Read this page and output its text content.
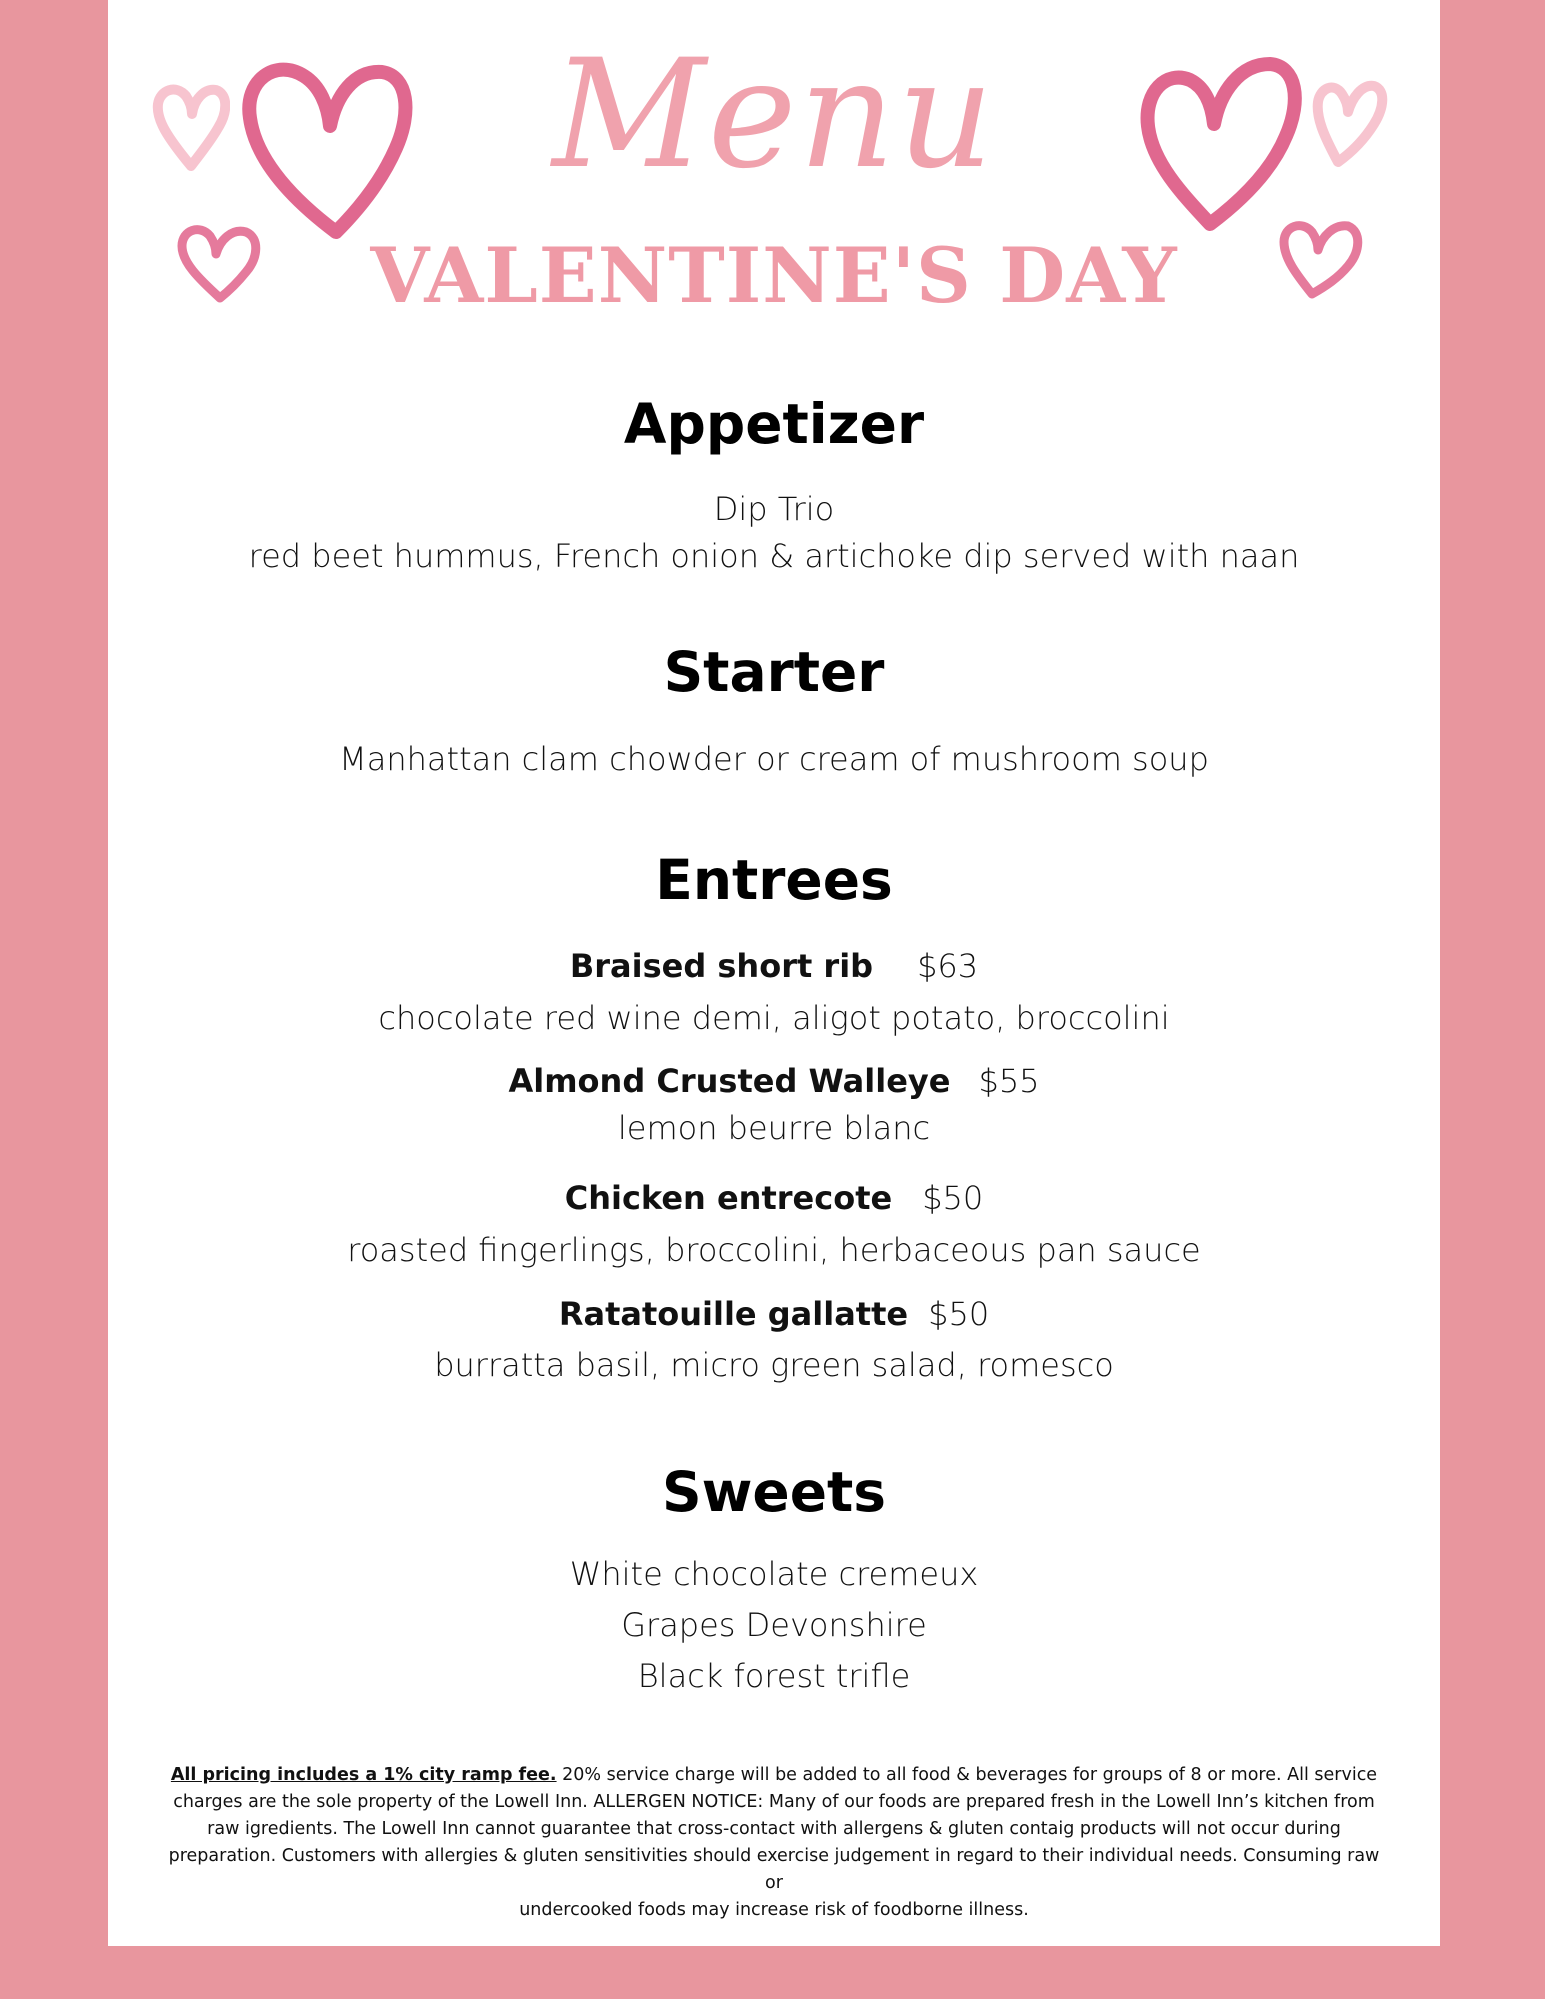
Menu
VALENTINE'S DAY
Appetizer
Dip Trio
red beet hummus, French onion & artichoke dip served with naan
Starter
Manhattan clam chowder or cream of mushroom soup
Entrees
Braised short rib $63
chocolate red wine demi, aligot potato, broccolini
Almond Crusted Walleye $55
lemon beurre blanc
Chicken entrecote $50
roasted fingerlings, broccolini, herbaceous pan sauce
Ratatouille gallatte $50
burratta basil, micro green salad, romesco
Sweets
White chocolate cremeux
Grapes Devonshire
Black forest trifle
All pricing includes a 1% city ramp fee. 20% service charge will be added to all food & beverages for groups of 8 or more. All service
charges are the sole property of the Lowell Inn. ALLERGEN NOTICE: Many of our foods are prepared fresh in the Lowell Inn’s kitchen from
raw igredients. The Lowell Inn cannot guarantee that cross-contact with allergens & gluten contaig products will not occur during
preparation. Customers with allergies & gluten sensitivities should exercise judgement in regard to their individual needs. Consuming raw or
undercooked foods may increase risk of foodborne illness.
